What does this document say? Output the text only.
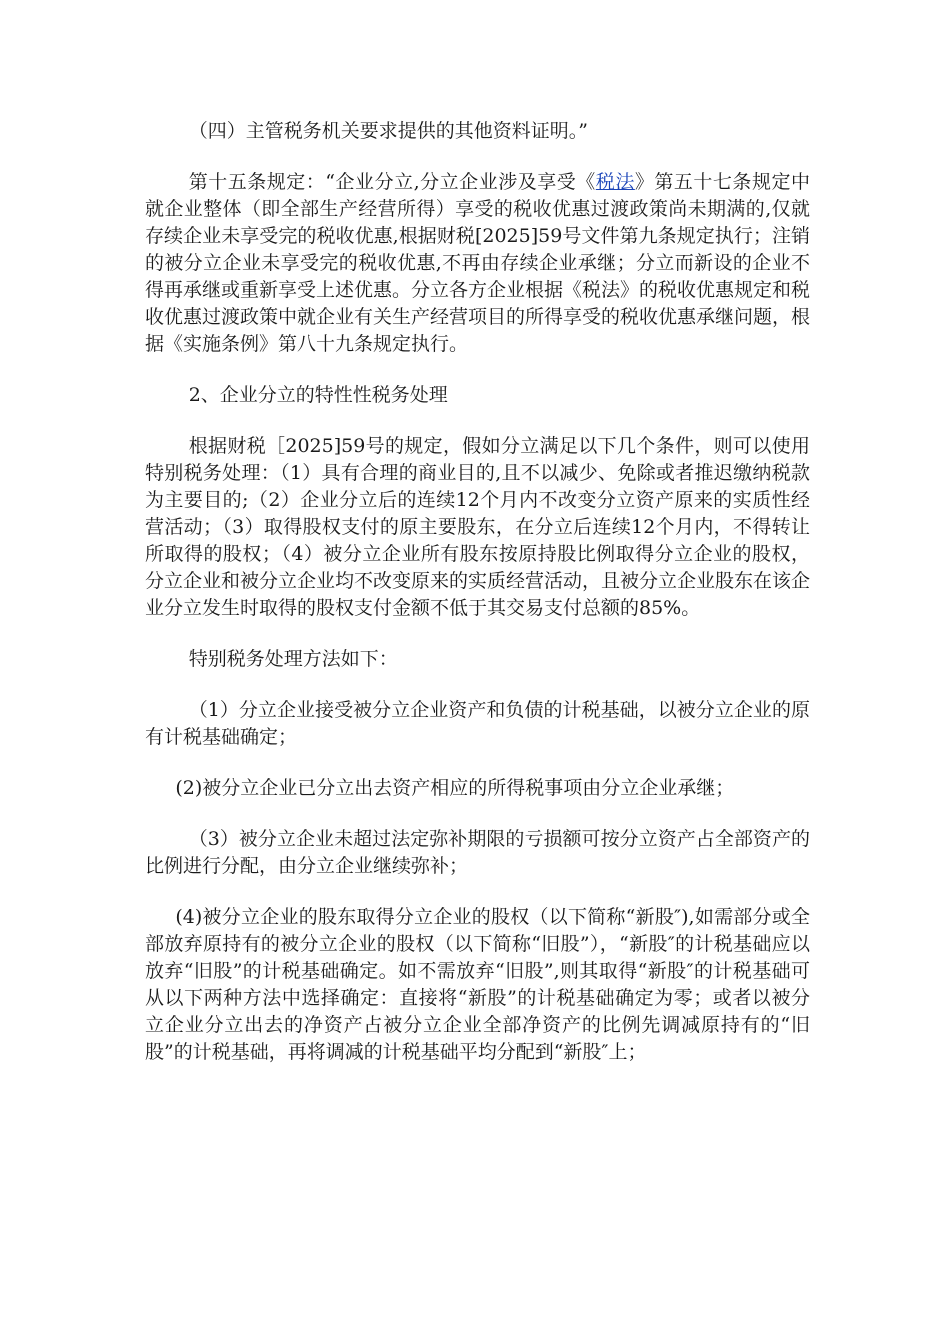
（四）主管税务机关要求提供的其他资料证明。”

第十五条规定：“企业分立,分立企业涉及享受《税法》第五十七条规定中就企业整体（即全部生产经营所得）享受的税收优惠过渡政策尚未期满的,仅就存续企业未享受完的税收优惠,根据财税[2025]59号文件第九条规定执行；注销的被分立企业未享受完的税收优惠,不再由存续企业承继；分立而新设的企业不得再承继或重新享受上述优惠。分立各方企业根据《税法》的税收优惠规定和税收优惠过渡政策中就企业有关生产经营项目的所得享受的税收优惠承继问题，根据《实施条例》第八十九条规定执行。

2、企业分立的特性性税务处理

根据财税［2025]59号的规定，假如分立满足以下几个条件，则可以使用特别税务处理：（1）具有合理的商业目的,且不以减少、免除或者推迟缴纳税款为主要目的;（2）企业分立后的连续12个月内不改变分立资产原来的实质性经营活动；（3）取得股权支付的原主要股东，在分立后连续12个月内，不得转让所取得的股权；（4）被分立企业所有股东按原持股比例取得分立企业的股权，分立企业和被分立企业均不改变原来的实质经营活动，且被分立企业股东在该企业分立发生时取得的股权支付金额不低于其交易支付总额的85%。

特别税务处理方法如下：

（1）分立企业接受被分立企业资产和负债的计税基础，以被分立企业的原有计税基础确定；

(2)被分立企业已分立出去资产相应的所得税事项由分立企业承继；

（3）被分立企业未超过法定弥补期限的亏损额可按分立资产占全部资产的比例进行分配，由分立企业继续弥补；

(4)被分立企业的股东取得分立企业的股权（以下简称“新股″),如需部分或全部放弃原持有的被分立企业的股权（以下简称“旧股”），“新股″的计税基础应以放弃“旧股”的计税基础确定。如不需放弃“旧股”,则其取得“新股″的计税基础可从以下两种方法中选择确定：直接将“新股”的计税基础确定为零；或者以被分立企业分立出去的净资产占被分立企业全部净资产的比例先调减原持有的“旧股”的计税基础，再将调减的计税基础平均分配到“新股″上；
